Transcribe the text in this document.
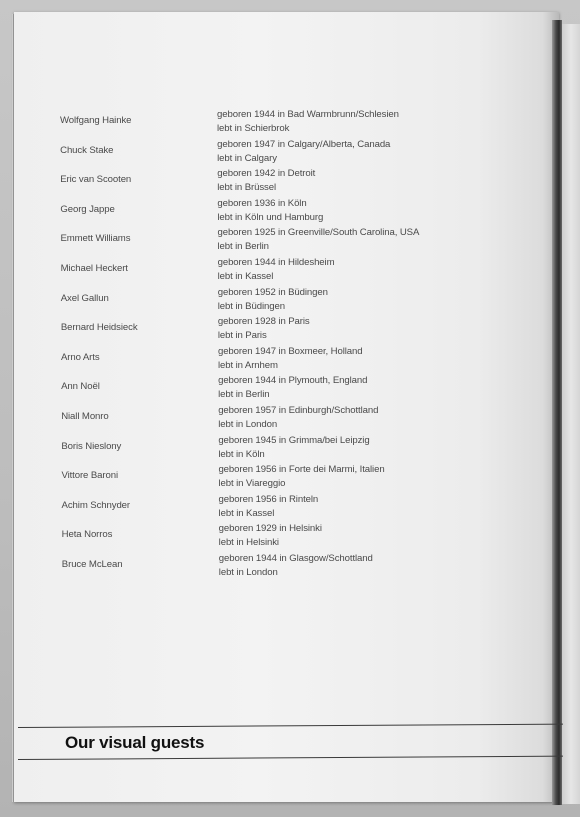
Wolfgang Hainke
geboren 1944 in Bad Warmbrunn/Schlesien
lebt in Schierbrok
Chuck Stake
geboren 1947 in Calgary/Alberta, Canada
lebt in Calgary
Eric van Scooten
geboren 1942 in Detroit
lebt in Brüssel
Georg Jappe
geboren 1936 in Köln
lebt in Köln und Hamburg
Emmett Williams
geboren 1925 in Greenville/South Carolina, USA
lebt in Berlin
Michael Heckert
geboren 1944 in Hildesheim
lebt in Kassel
Axel Gallun
geboren 1952 in Büdingen
lebt in Büdingen
Bernard Heidsieck
geboren 1928 in Paris
lebt in Paris
Arno Arts
geboren 1947 in Boxmeer, Holland
lebt in Arnhem
Ann Noël
geboren 1944 in Plymouth, England
lebt in Berlin
Niall Monro
geboren 1957 in Edinburgh/Schottland
lebt in London
Boris Nieslony
geboren 1945 in Grimma/bei Leipzig
lebt in Köln
Vittore Baroni
geboren 1956 in Forte dei Marmi, Italien
lebt in Viareggio
Achim Schnyder
geboren 1956 in Rinteln
lebt in Kassel
Heta Norros
geboren 1929 in Helsinki
lebt in Helsinki
Bruce McLean
geboren 1944 in Glasgow/Schottland
lebt in London
Our visual guests
